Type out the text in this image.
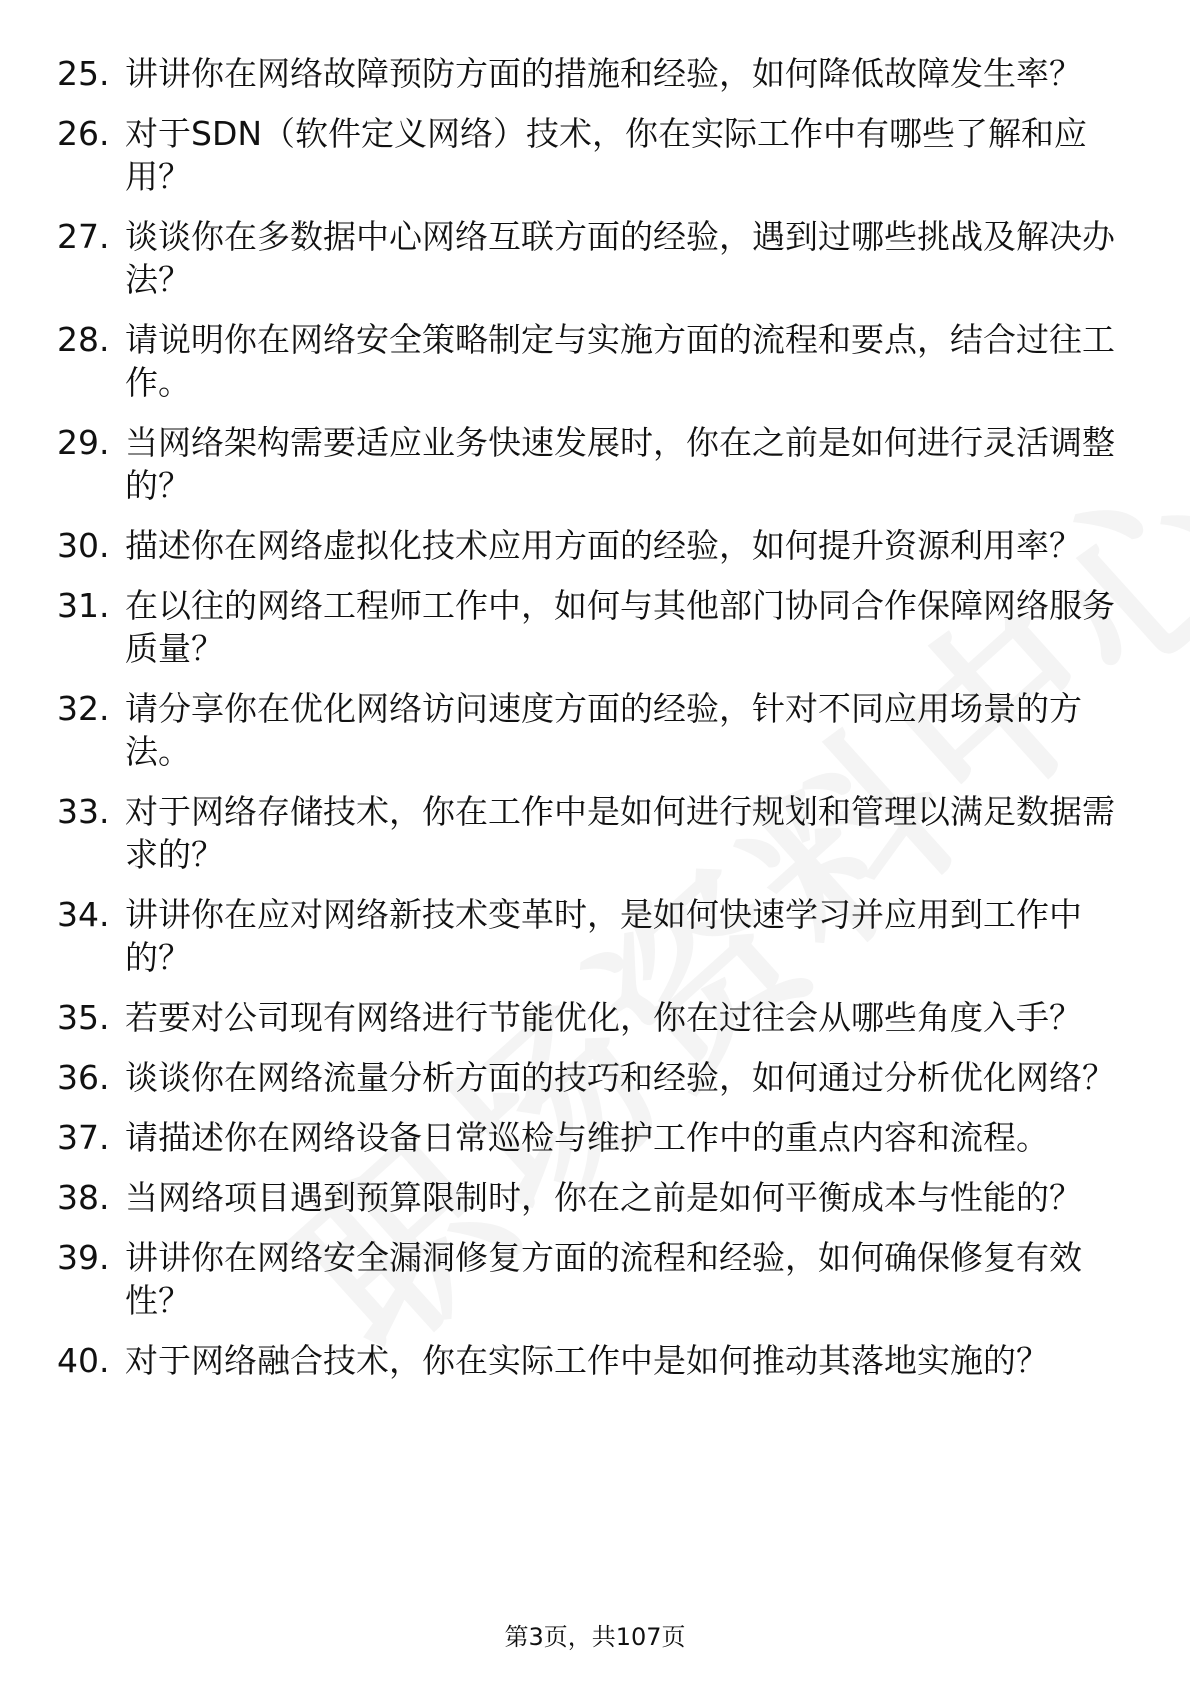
25. 讲讲你在网络故障预防方面的措施和经验，如何降低故障发生率？
26. 对于SDN（软件定义网络）技术，你在实际工作中有哪些了解和应用？
27. 谈谈你在多数据中心网络互联方面的经验，遇到过哪些挑战及解决办法？
28. 请说明你在网络安全策略制定与实施方面的流程和要点，结合过往工作。
29. 当网络架构需要适应业务快速发展时，你在之前是如何进行灵活调整的？
30. 描述你在网络虚拟化技术应用方面的经验，如何提升资源利用率？
31. 在以往的网络工程师工作中，如何与其他部门协同合作保障网络服务质量？
32. 请分享你在优化网络访问速度方面的经验，针对不同应用场景的方法。
33. 对于网络存储技术，你在工作中是如何进行规划和管理以满足数据需求的？
34. 讲讲你在应对网络新技术变革时，是如何快速学习并应用到工作中的？
35. 若要对公司现有网络进行节能优化，你在过往会从哪些角度入手？
36. 谈谈你在网络流量分析方面的技巧和经验，如何通过分析优化网络？
37. 请描述你在网络设备日常巡检与维护工作中的重点内容和流程。
38. 当网络项目遇到预算限制时，你在之前是如何平衡成本与性能的？
39. 讲讲你在网络安全漏洞修复方面的流程和经验，如何确保修复有效性？
40. 对于网络融合技术，你在实际工作中是如何推动其落地实施的？
第3页，共107页
